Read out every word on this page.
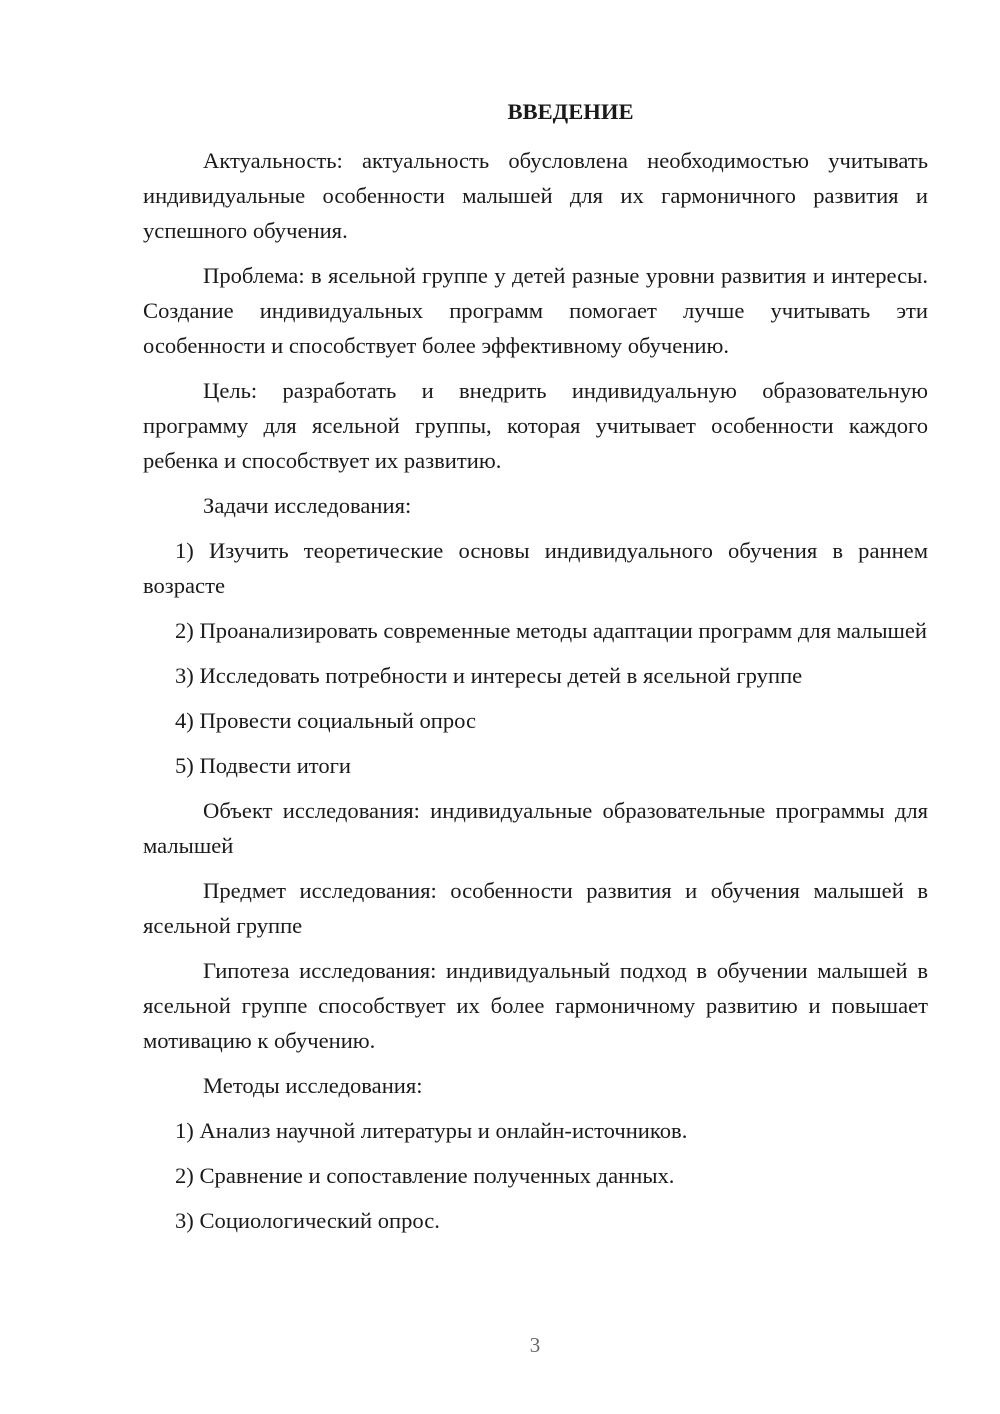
ВВЕДЕНИЕ

Актуальность: актуальность обусловлена необходимостью учитывать индивидуальные особенности малышей для их гармоничного развития и успешного обучения.

Проблема: в ясельной группе у детей разные уровни развития и интересы. Создание индивидуальных программ помогает лучше учитывать эти особенности и способствует более эффективному обучению.

Цель: разработать и внедрить индивидуальную образовательную программу для ясельной группы, которая учитывает особенности каждого ребенка и способствует их развитию.

Задачи исследования:

1) Изучить теоретические основы индивидуального обучения в раннем возрасте

2) Проанализировать современные методы адаптации программ для малышей

3) Исследовать потребности и интересы детей в ясельной группе

4) Провести социальный опрос

5) Подвести итоги

Объект исследования: индивидуальные образовательные программы для малышей

Предмет исследования: особенности развития и обучения малышей в ясельной группе

Гипотеза исследования: индивидуальный подход в обучении малышей в ясельной группе способствует их более гармоничному развитию и повышает мотивацию к обучению.

Методы исследования:

1) Анализ научной литературы и онлайн-источников.

2) Сравнение и сопоставление полученных данных.

3) Социологический опрос.

3
